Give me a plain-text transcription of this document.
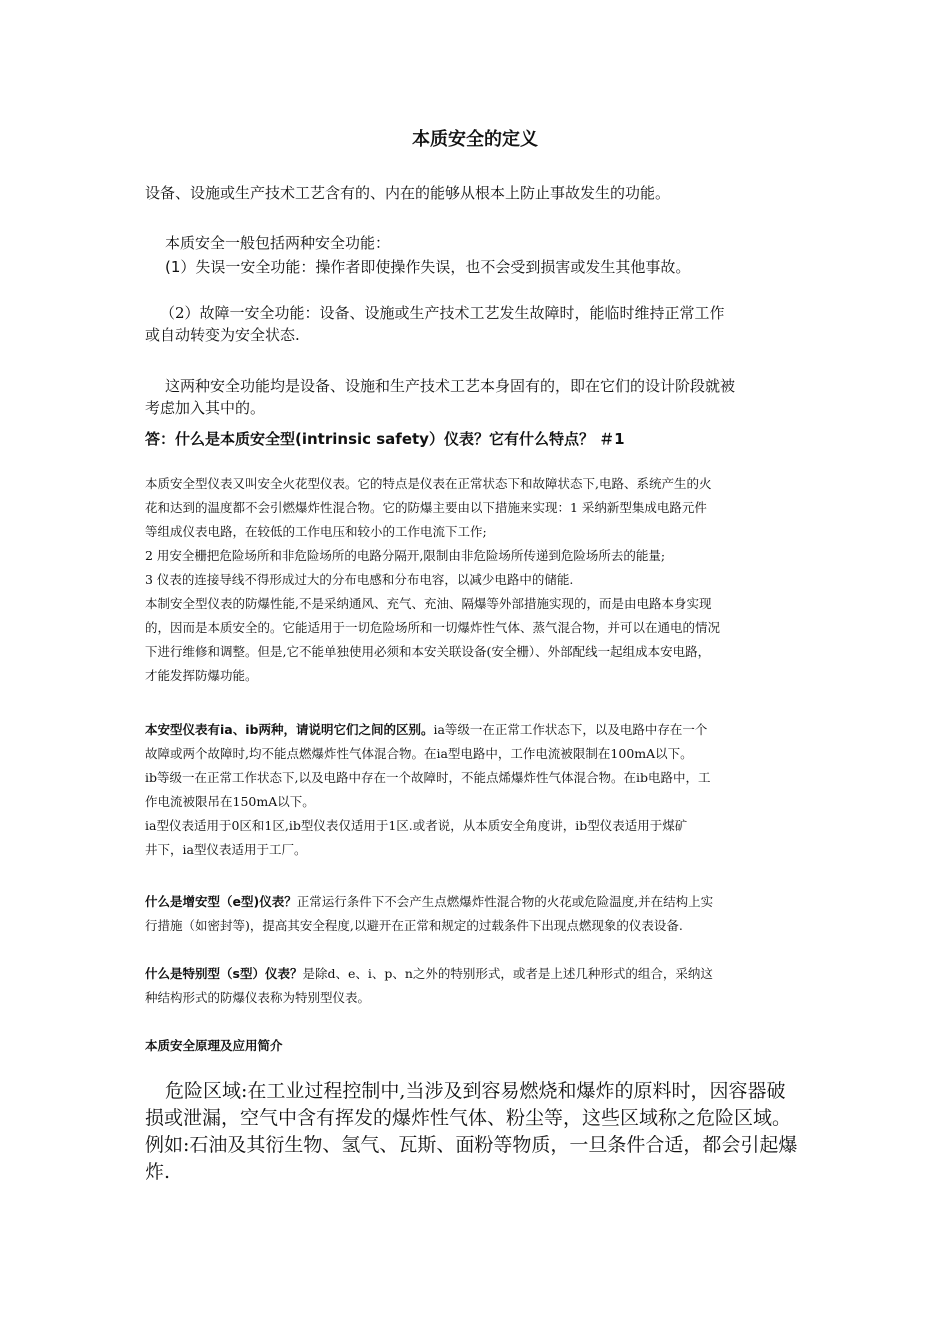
本质安全的定义

设备、设施或生产技术工艺含有的、内在的能够从根本上防止事故发生的功能。

本质安全一般包括两种安全功能：

(1）失误一安全功能：操作者即使操作失误，也不会受到损害或发生其他事故。

（2）故障一安全功能：设备、设施或生产技术工艺发生故障时，能临时维持正常工作
或自动转变为安全状态.

这两种安全功能均是设备、设施和生产技术工艺本身固有的，即在它们的设计阶段就被
考虑加入其中的。

答：什么是本质安全型(intrinsic safety）仪表？它有什么特点？ ＃1

本质安全型仪表又叫安全火花型仪表。它的特点是仪表在正常状态下和故障状态下,电路、系统产生的火
花和达到的温度都不会引燃爆炸性混合物。它的防爆主要由以下措施来实现：1 采纳新型集成电路元件
等组成仪表电路，在较低的工作电压和较小的工作电流下工作;
2 用安全栅把危险场所和非危险场所的电路分隔开,限制由非危险场所传递到危险场所去的能量;
3 仪表的连接导线不得形成过大的分布电感和分布电容，以减少电路中的储能.
本制安全型仪表的防爆性能,不是采纳通风、充气、充油、隔爆等外部措施实现的，而是由电路本身实现
的，因而是本质安全的。它能适用于一切危险场所和一切爆炸性气体、蒸气混合物，并可以在通电的情况
下进行维修和调整。但是,它不能单独使用必须和本安关联设备(安全栅）、外部配线一起组成本安电路，
才能发挥防爆功能。
本安型仪表有ia、ib两种，请说明它们之间的区别。ia等级一在正常工作状态下，以及电路中存在一个
故障或两个故障时,均不能点燃爆炸性气体混合物。在ia型电路中，工作电流被限制在100mA以下。
ib等级一在正常工作状态下,以及电路中存在一个故障时，不能点烯爆炸性气体混合物。在ib电路中，工
作电流被限吊在150mA以下。
ia型仪表适用于0区和1区,ib型仪表仅适用于1区.或者说，从本质安全角度讲，ib型仪表适用于煤矿
井下，ia型仪表适用于工厂。
什么是增安型（e型)仪表？正常运行条件下不会产生点燃爆炸性混合物的火花或危险温度,并在结构上实
行措施（如密封等)，提高其安全程度,以避开在正常和规定的过载条件下出现点燃现象的仪表设备.
什么是特别型（s型）仪表？是除d、e、i、p、n之外的特别形式，或者是上述几种形式的组合，采纳这
种结构形式的防爆仪表称为特别型仪表。
本质安全原理及应用简介
危险区域:在工业过程控制中,当涉及到容易燃烧和爆炸的原料时，因容器破
损或泄漏，空气中含有挥发的爆炸性气体、粉尘等，这些区域称之危险区域。
例如:石油及其衍生物、氢气、瓦斯、面粉等物质，一旦条件合适，都会引起爆
炸.
